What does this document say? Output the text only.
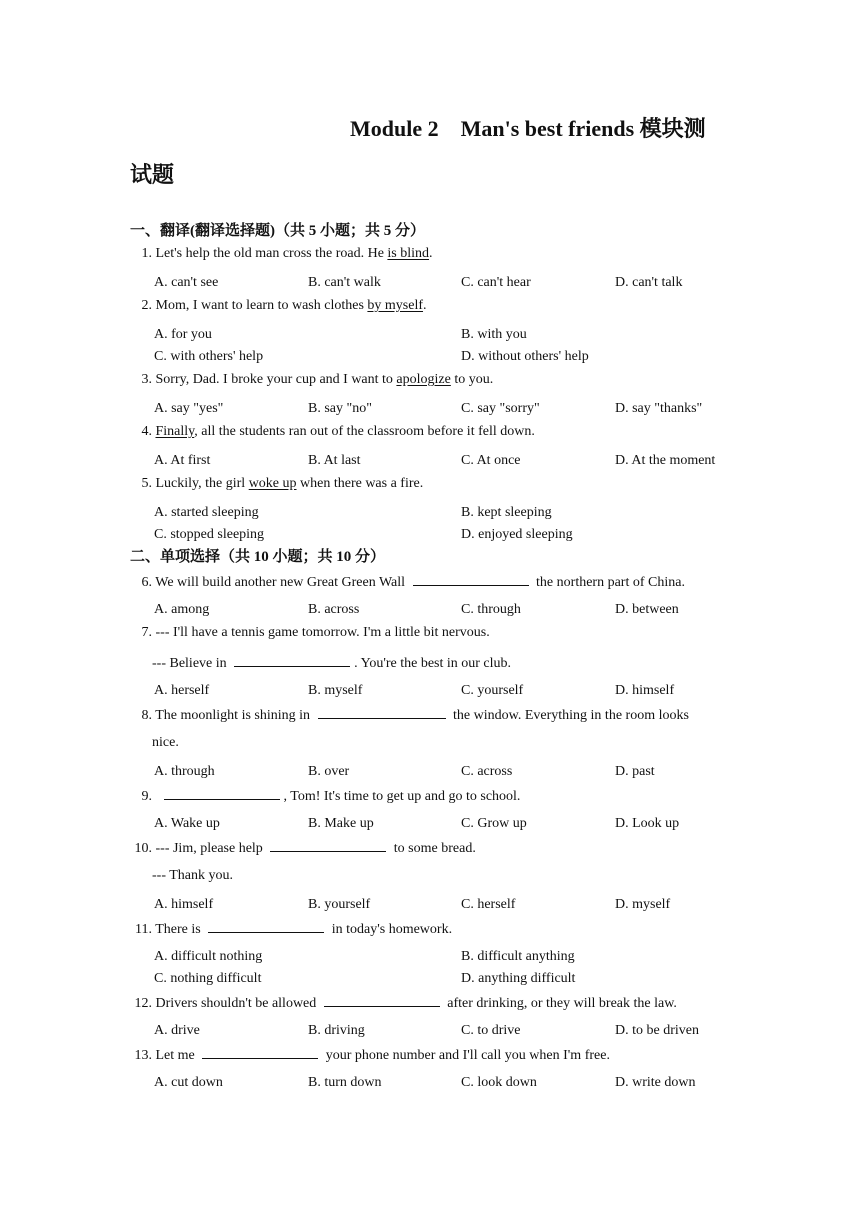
Module 2　Man's best friends 模块测
试题
一、翻译(翻译选择题)（共 5 小题；共 5 分）
1. Let's help the old man cross the road. He is blind.
A. can't see	B. can't walk	C. can't hear	D. can't talk
2. Mom, I want to learn to wash clothes by myself.
A. for you	B. with you
C. with others' help	D. without others' help
3. Sorry, Dad. I broke your cup and I want to apologize to you.
A. say "yes"	B. say "no"	C. say "sorry"	D. say "thanks"
4. Finally, all the students ran out of the classroom before it fell down.
A. At first	B. At last	C. At once	D. At the moment
5. Luckily, the girl woke up when there was a fire.
A. started sleeping	B. kept sleeping
C. stopped sleeping	D. enjoyed sleeping
二、单项选择（共 10 小题；共 10 分）
6. We will build another new Great Green Wall	the northern part of China.
A. among	B. across	C. through	D. between
7. --- I'll have a tennis game tomorrow. I'm a little bit nervous.
--- Believe in	. You're the best in our club.
A. herself	B. myself	C. yourself	D. himself
8. The moonlight is shining in	the window. Everything in the room looks
nice.
A. through	B. over	C. across	D. past
9.	, Tom! It's time to get up and go to school.
A. Wake up	B. Make up	C. Grow up	D. Look up
10. --- Jim, please help	to some bread.
--- Thank you.
A. himself	B. yourself	C. herself	D. myself
11. There is	in today's homework.
A. difficult nothing	B. difficult anything
C. nothing difficult	D. anything difficult
12. Drivers shouldn't be allowed	after drinking, or they will break the law.
A. drive	B. driving	C. to drive	D. to be driven
13. Let me	your phone number and I'll call you when I'm free.
A. cut down	B. turn down	C. look down	D. write down
